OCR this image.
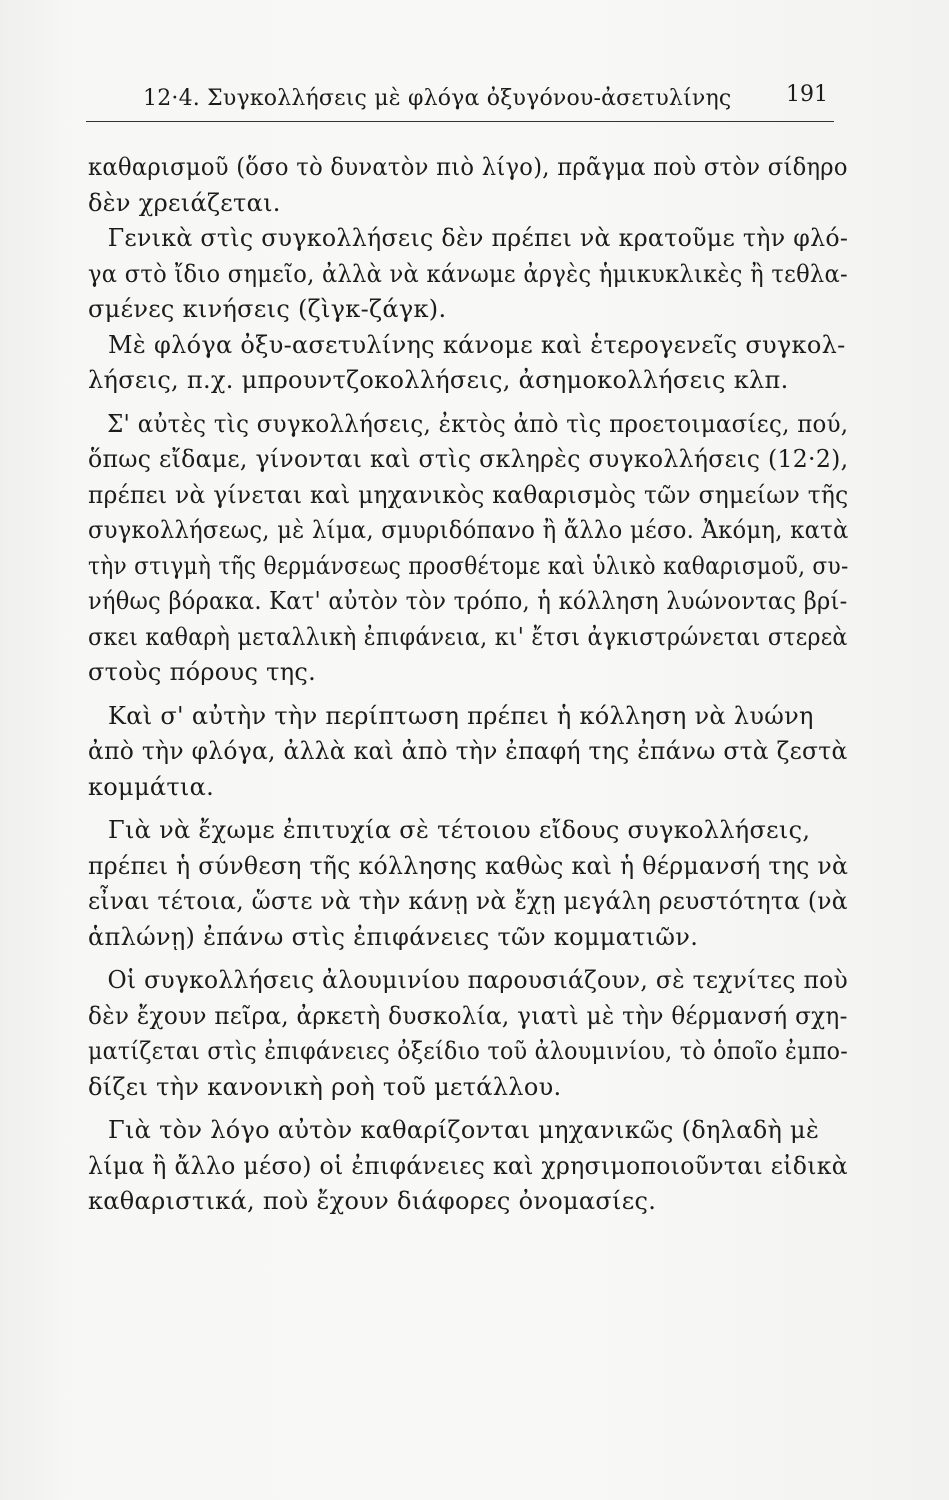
12·4. Συγκολλήσεις μὲ φλόγα ὀξυγόνου-ἀσετυλίνης 191
καθαρισμοῦ (ὅσο τὸ δυνατὸν πιὸ λίγο), πρᾶγμα ποὺ στὸν σίδηρο
δὲν χρειάζεται.
Γενικὰ στὶς συγκολλήσεις δὲν πρέπει νὰ κρατοῦμε τὴν φλό-
γα στὸ ἴδιο σημεῖο, ἀλλὰ νὰ κάνωμε ἀργὲς ἡμικυκλικὲς ἢ τεθλα-
σμένες κινήσεις (ζὶγκ-ζάγκ).
Μὲ φλόγα ὀξυ-ασετυλίνης κάνομε καὶ ἑτερογενεῖς συγκολ-
λήσεις, π.χ. μπρουντζοκολλήσεις, ἀσημοκολλήσεις κλπ.
Σ' αὐτὲς τὶς συγκολλήσεις, ἐκτὸς ἀπὸ τὶς προετοιμασίες, πού,
ὅπως εἴδαμε, γίνονται καὶ στὶς σκληρὲς συγκολλήσεις (12·2),
πρέπει νὰ γίνεται καὶ μηχανικὸς καθαρισμὸς τῶν σημείων τῆς
συγκολλήσεως, μὲ λίμα, σμυριδόπανο ἢ ἄλλο μέσο. Ἀκόμη, κατὰ
τὴν στιγμὴ τῆς θερμάνσεως προσθέτομε καὶ ὑλικὸ καθαρισμοῦ, συ-
νήθως βόρακα. Κατ' αὐτὸν τὸν τρόπο, ἡ κόλληση λυώνοντας βρί-
σκει καθαρὴ μεταλλικὴ ἐπιφάνεια, κι' ἔτσι ἀγκιστρώνεται στερεὰ
στοὺς πόρους της.
Καὶ σ' αὐτὴν τὴν περίπτωση πρέπει ἡ κόλληση νὰ λυώνη
ἀπὸ τὴν φλόγα, ἀλλὰ καὶ ἀπὸ τὴν ἐπαφή της ἐπάνω στὰ ζεστὰ
κομμάτια.
Γιὰ νὰ ἔχωμε ἐπιτυχία σὲ τέτοιου εἴδους συγκολλήσεις,
πρέπει ἡ σύνθεση τῆς κόλλησης καθὼς καὶ ἡ θέρμανσή της νὰ
εἶναι τέτοια, ὥστε νὰ τὴν κάνῃ νὰ ἔχῃ μεγάλη ρευστότητα (νὰ
ἁπλώνῃ) ἐπάνω στὶς ἐπιφάνειες τῶν κομματιῶν.
Οἱ συγκολλήσεις ἀλουμινίου παρουσιάζουν, σὲ τεχνίτες ποὺ
δὲν ἔχουν πεῖρα, ἀρκετὴ δυσκολία, γιατὶ μὲ τὴν θέρμανσή σχη-
ματίζεται στὶς ἐπιφάνειες ὀξείδιο τοῦ ἀλουμινίου, τὸ ὁποῖο ἐμπο-
δίζει τὴν κανονικὴ ροὴ τοῦ μετάλλου.
Γιὰ τὸν λόγο αὐτὸν καθαρίζονται μηχανικῶς (δηλαδὴ μὲ
λίμα ἢ ἄλλο μέσο) οἱ ἐπιφάνειες καὶ χρησιμοποιοῦνται εἰδικὰ
καθαριστικά, ποὺ ἔχουν διάφορες ὀνομασίες.
